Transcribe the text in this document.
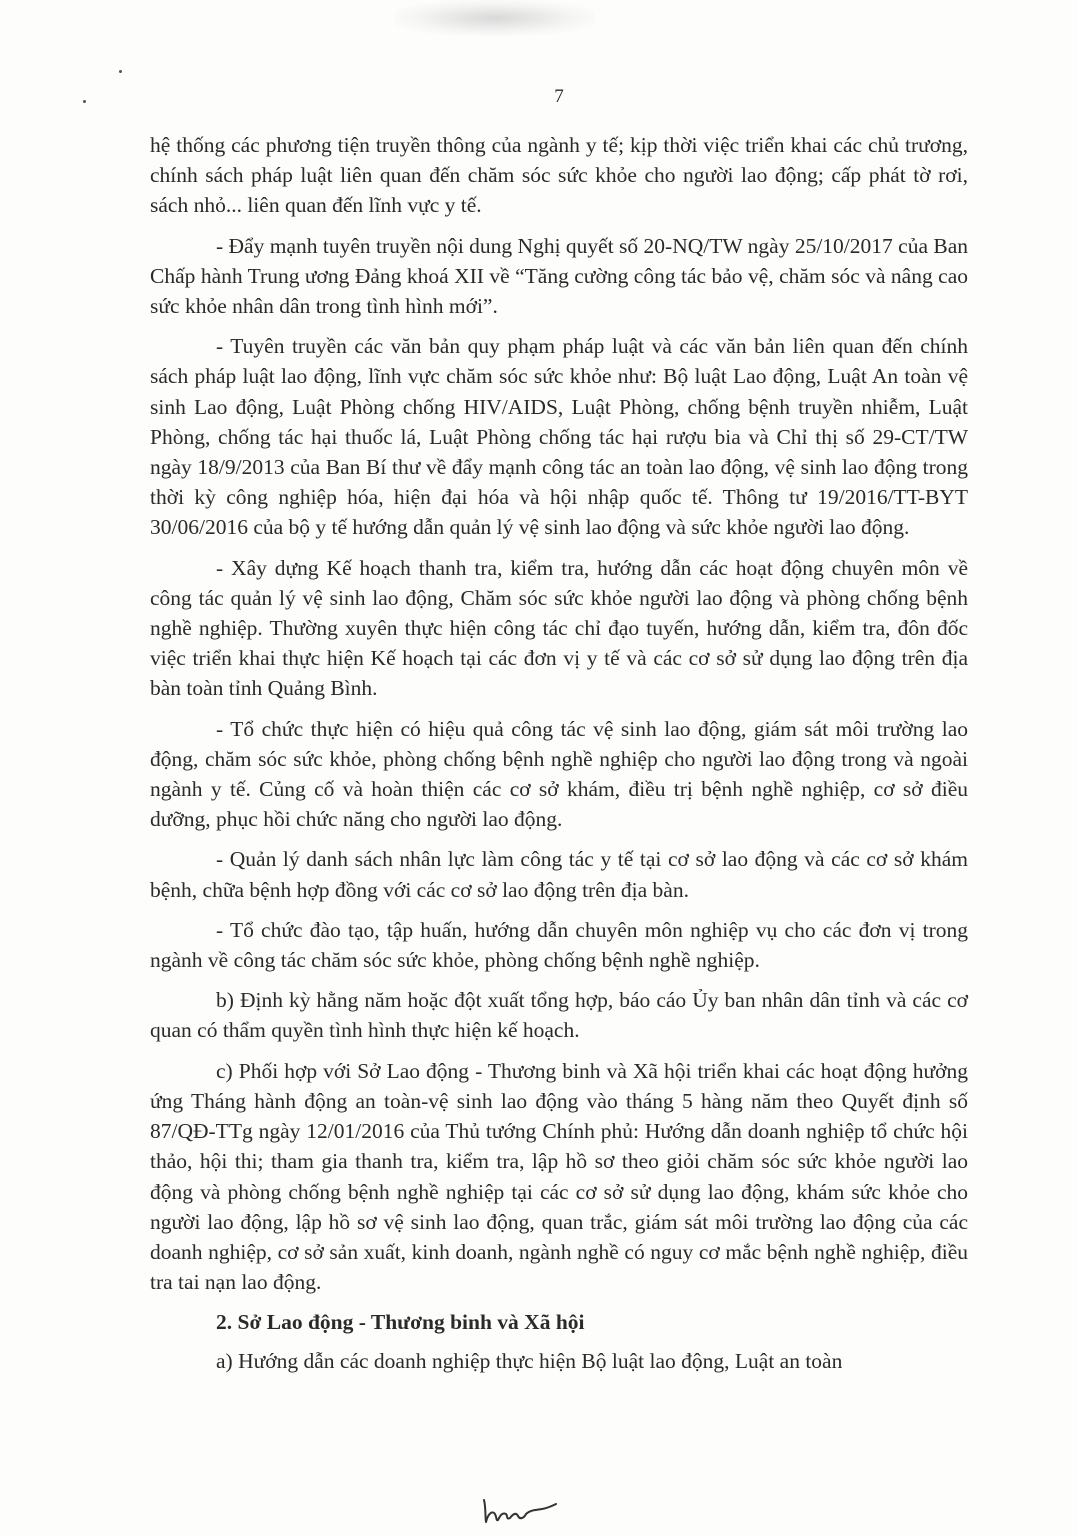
7

hệ thống các phương tiện truyền thông của ngành y tế; kịp thời việc triển khai các chủ trương, chính sách pháp luật liên quan đến chăm sóc sức khỏe cho người lao động; cấp phát tờ rơi, sách nhỏ... liên quan đến lĩnh vực y tế.

- Đẩy mạnh tuyên truyền nội dung Nghị quyết số 20-NQ/TW ngày 25/10/2017 của Ban Chấp hành Trung ương Đảng khoá XII về “Tăng cường công tác bảo vệ, chăm sóc và nâng cao sức khỏe nhân dân trong tình hình mới”.

- Tuyên truyền các văn bản quy phạm pháp luật và các văn bản liên quan đến chính sách pháp luật lao động, lĩnh vực chăm sóc sức khỏe như: Bộ luật Lao động, Luật An toàn vệ sinh Lao động, Luật Phòng chống HIV/AIDS, Luật Phòng, chống bệnh truyền nhiễm, Luật Phòng, chống tác hại thuốc lá, Luật Phòng chống tác hại rượu bia và Chỉ thị số 29-CT/TW ngày 18/9/2013 của Ban Bí thư về đẩy mạnh công tác an toàn lao động, vệ sinh lao động trong thời kỳ công nghiệp hóa, hiện đại hóa và hội nhập quốc tế. Thông tư 19/2016/TT-BYT 30/06/2016 của bộ y tế hướng dẫn quản lý vệ sinh lao động và sức khỏe người lao động.

- Xây dựng Kế hoạch thanh tra, kiểm tra, hướng dẫn các hoạt động chuyên môn về công tác quản lý vệ sinh lao động, Chăm sóc sức khỏe người lao động và phòng chống bệnh nghề nghiệp. Thường xuyên thực hiện công tác chỉ đạo tuyến, hướng dẫn, kiểm tra, đôn đốc việc triển khai thực hiện Kế hoạch tại các đơn vị y tế và các cơ sở sử dụng lao động trên địa bàn toàn tỉnh Quảng Bình.

- Tổ chức thực hiện có hiệu quả công tác vệ sinh lao động, giám sát môi trường lao động, chăm sóc sức khỏe, phòng chống bệnh nghề nghiệp cho người lao động trong và ngoài ngành y tế. Củng cố và hoàn thiện các cơ sở khám, điều trị bệnh nghề nghiệp, cơ sở điều dưỡng, phục hồi chức năng cho người lao động.

- Quản lý danh sách nhân lực làm công tác y tế tại cơ sở lao động và các cơ sở khám bệnh, chữa bệnh hợp đồng với các cơ sở lao động trên địa bàn.

- Tổ chức đào tạo, tập huấn, hướng dẫn chuyên môn nghiệp vụ cho các đơn vị trong ngành về công tác chăm sóc sức khỏe, phòng chống bệnh nghề nghiệp.

b) Định kỳ hằng năm hoặc đột xuất tổng hợp, báo cáo Ủy ban nhân dân tỉnh và các cơ quan có thẩm quyền tình hình thực hiện kế hoạch.

c) Phối hợp với Sở Lao động - Thương binh và Xã hội triển khai các hoạt động hưởng ứng Tháng hành động an toàn-vệ sinh lao động vào tháng 5 hàng năm theo Quyết định số 87/QĐ-TTg ngày 12/01/2016 của Thủ tướng Chính phủ: Hướng dẫn doanh nghiệp tổ chức hội thảo, hội thi; tham gia thanh tra, kiểm tra, lập hồ sơ theo giỏi chăm sóc sức khỏe người lao động và phòng chống bệnh nghề nghiệp tại các cơ sở sử dụng lao động, khám sức khỏe cho người lao động, lập hồ sơ vệ sinh lao động, quan trắc, giám sát môi trường lao động của các doanh nghiệp, cơ sở sản xuất, kinh doanh, ngành nghề có nguy cơ mắc bệnh nghề nghiệp, điều tra tai nạn lao động.

2. Sở Lao động - Thương binh và Xã hội

a) Hướng dẫn các doanh nghiệp thực hiện Bộ luật lao động, Luật an toàn
